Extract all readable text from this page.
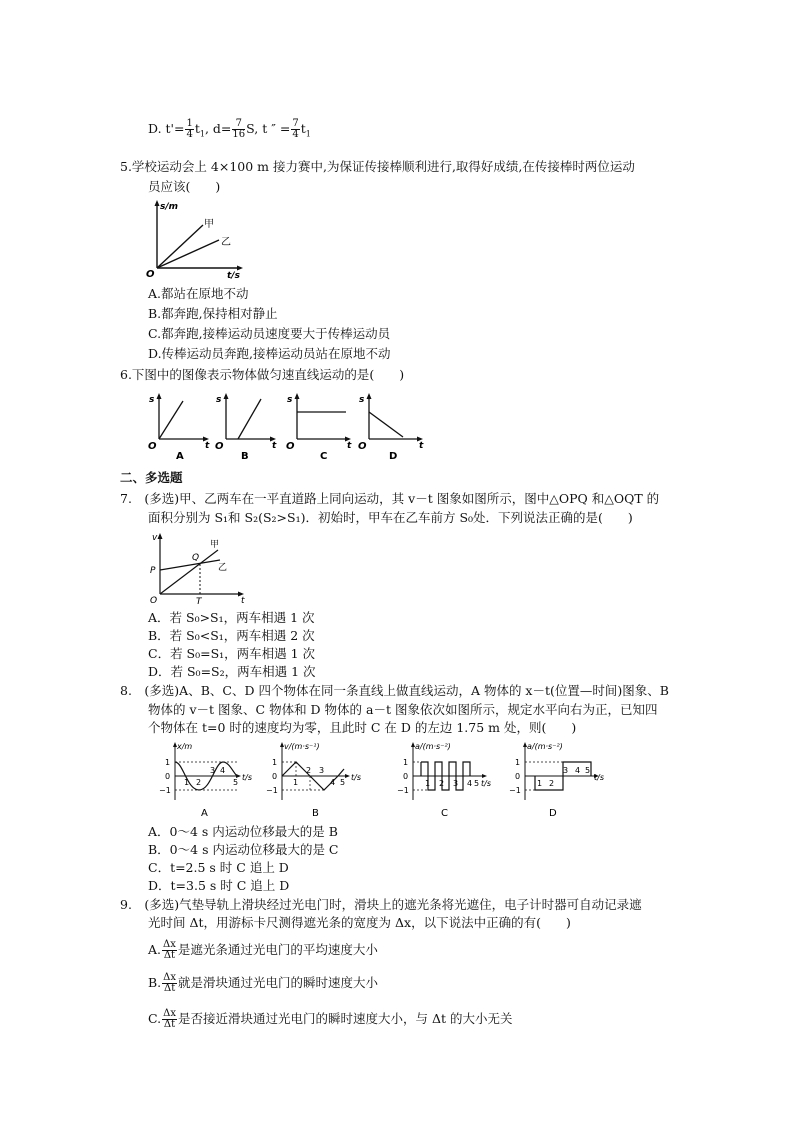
D. $t'= \frac{1}{4} t_1$, $d= \frac{7}{16} S$, t ″ = $\frac{7}{4} t_1$
5.学校运动会上 4×100 m 接力赛中,为保证传接棒顺利进行,取得好成绩,在传接棒时两位运动
员应该(　　)
s/m
t/s
O
甲
乙
A.都站在原地不动
B.都奔跑,保持相对静止
C.都奔跑,接棒运动员速度要大于传棒运动员
D.传棒运动员奔跑,接棒运动员站在原地不动
6.下图中的图像表示物体做匀速直线运动的是(　　)
s
t
O
A
s
t
O
B
s
t
O
C
s
t
O
D
二、多选题
7.　(多选)甲、乙两车在一平直道路上同向运动，其 v－t 图象如图所示，图中△OPQ 和△OQT 的
面积分别为 S₁和 S₂(S₂>S₁)．初始时，甲车在乙车前方 S₀处．下列说法正确的是(　　)
v
t
O
P
Q
T
甲
乙
A．若 S₀>S₁，两车相遇 1 次
B．若 S₀<S₁，两车相遇 2 次
C．若 S₀=S₁，两车相遇 1 次
D．若 S₀=S₂，两车相遇 1 次
8.　(多选)A、B、C、D 四个物体在同一条直线上做直线运动，A 物体的 x－t(位置—时间)图象、B
物体的 v－t 图象、C 物体和 D 物体的 a－t 图象依次如图所示，规定水平向右为正，已知四
个物体在 t=0 时的速度均为零，且此时 C 在 D 的左边 1.75 m 处，则(　　)
x/m
1
0
−1
1 2
3 4
5
t/s
A
v/(m·s⁻¹)
1
0
−1
1
2 3
4 5
t/s
B
a/(m·s⁻²)
1
0
−1
1 2 3 4 5 t/s
C
a/(m·s⁻²)
1
0
−1
1 2
3 4 5
t/s
D
A．0～4 s 内运动位移最大的是 B
B．0～4 s 内运动位移最大的是 C
C．t=2.5 s 时 C 追上 D
D．t=3.5 s 时 C 追上 D
9.　(多选)气垫导轨上滑块经过光电门时，滑块上的遮光条将光遮住，电子计时器可自动记录遮
光时间 Δt，用游标卡尺测得遮光条的宽度为 Δx，以下说法中正确的有(　　)
A. $\frac{\Delta x}{\Delta t}$ 是遮光条通过光电门的平均速度大小
B. $\frac{\Delta x}{\Delta t}$ 就是滑块通过光电门的瞬时速度大小
C. $\frac{\Delta x}{\Delta t}$ 是否接近滑块通过光电门的瞬时速度大小，与 Δt 的大小无关
